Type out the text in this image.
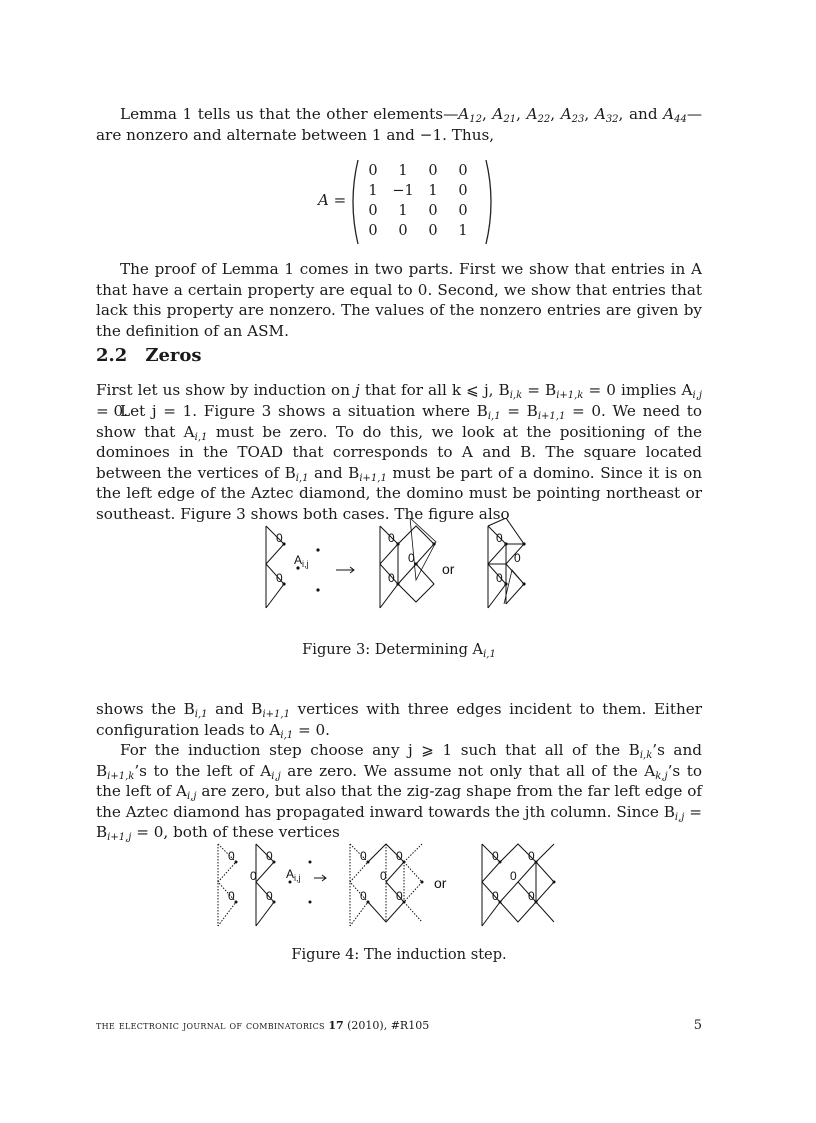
Lemma 1 tells us that the other $elements—A_{12}$, $A_{21}$, $A_{22}$, $A_{23}$, $A_{32}$, and $A_{44}—are$ nonzero and alternate between 1 and −1. Thus,

A =
0	1	0	0
1	−1	1	0
0	1	0	0
0	0	0	1

The proof of Lemma 1 comes in two parts. First we show that entries in A that have a certain property are equal to 0. Second, we show that entries that lack this property are nonzero. The values of the nonzero entries are given by the definition of an ASM.

2.2 Zeros

First let us show by induction on j that for all k ⩽ j, $B_{i,k} = B_{i+1,k} = 0$ implies $A_{i,j} = 0$.

Let j = 1. Figure 3 shows a situation where $B_{i,1} = B_{i+1,1} = 0$. We need to show that $A_{i,1}$ must be zero. To do this, we look at the positioning of the dominoes in the TOAD that corresponds to A and B. The square located between the vertices of $B_{i,1}$ and $B_{i+1,1}$ must be part of a domino. Since it is on the left edge of the Aztec diamond, the domino must be pointing northeast or southeast. Figure 3 shows both cases. The figure also

0
0
$A_{i,j}$
0
0
0
or
0
0
0

Figure 3: Determining $A_{i,1}$

shows the $B_{i,1}$ and $B_{i+1,1}$ vertices with three edges incident to them. Either configuration leads to $A_{i,1} = 0$.

For the induction step choose any j ⩾ 1 such that all of the $B_{i,k}’s$ and $B_{i+1,k}’s$ to the left of $A_{i,j}$ are zero. We assume not only that all of the $A_{k,j}’s$ to the left of $A_{i,j}$ are zero, but also that the zig-zag shape from the far left edge of the Aztec diamond has propagated inward towards the jth column. Since $B_{i,j} = B_{i+1,j} = 0$, both of these vertices

0
0
0
0
0
$A_{i,j}$
0
0
0
0
0
or
0
0
0
0
0

Figure 4: The induction step.

the electronic journal of combinatorics 17 (2010), #R105	5
